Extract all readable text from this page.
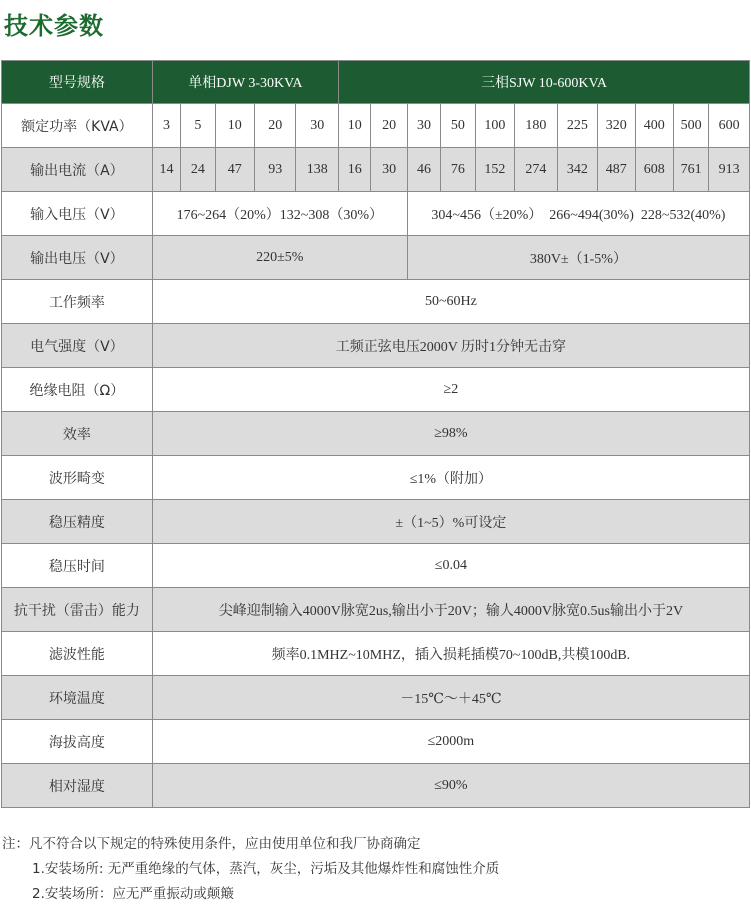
技术参数
型号规格	单相DJW 3-30KVA					三相SJW 10-600KVA										
额定功率（KVA）	3	5	10	20	30	10	20	30	50	100	180	225	320	400	500	600
输出电流（A）	14	24	47	93	138	16	30	46	76	152	274	342	487	608	761	913
输入电压（V）	176~264（20%）132~308（30%）							304~456（±20%）  266~494(30%)  228~532(40%)								
输出电压（V）	220±5%							380V±（1-5%）								
工作频率	50~60Hz															
电气强度（V）	工频正弦电压2000V 历时1分钟无击穿															
绝缘电阻（Ω）	≥2															
效率	≥98%															
波形畸变	≤1%（附加）															
稳压精度	±（1~5）%可设定															
稳压时间	≤0.04															
抗干扰（雷击）能力	尖峰迎制输入4000V脉宽2us,输出小于20V；输人4000V脉宽0.5us输出小于2V															
滤波性能	频率0.1MHZ~10MHZ，插入损耗插模70~100dB,共模100dB.															
环境温度	－15℃～＋45℃															
海拔高度	≤2000m															
相对湿度	≤90%															
注：凡不符合以下规定的特殊使用条件，应由使用单位和我厂协商确定
1.安装场所: 无严重绝缘的气体，蒸汽，灰尘，污垢及其他爆炸性和腐蚀性介质
2.安装场所：应无严重振动或颠簸
